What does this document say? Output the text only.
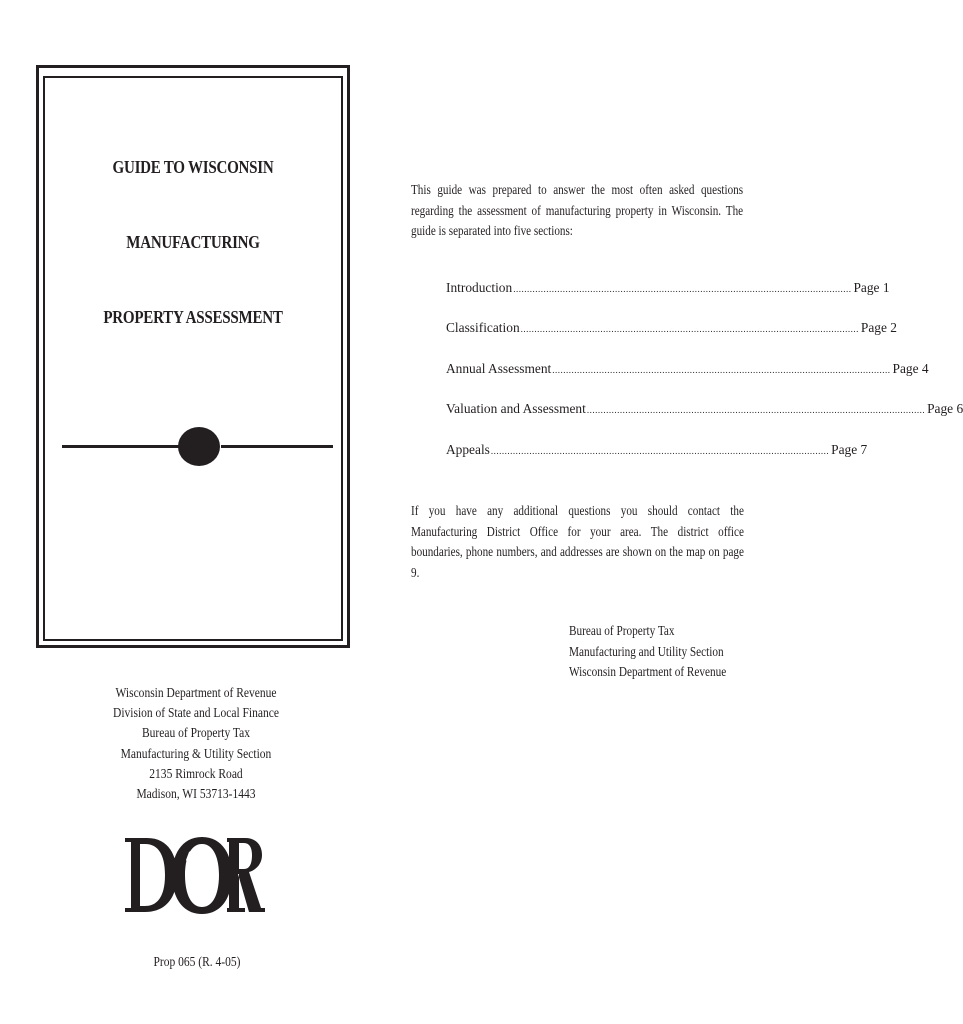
GUIDE TO WISCONSIN
MANUFACTURING
PROPERTY ASSESSMENT
This guide was prepared to answer the most often asked questions regarding the assessment of manufacturing property in Wisconsin. The guide is separated into five sections:
Introduction ........................................................................................................................... Page 1
Classification ........................................................................................................................... Page 2
Annual Assessment ........................................................................................................................... Page 4
Valuation and Assessment ........................................................................................................................... Page 6
Appeals ........................................................................................................................... Page 7
If you have any additional questions you should contact the Manufacturing District Office for your area. The district office boundaries, phone numbers, and addresses are shown on the map on page 9.
Bureau of Property Tax
Manufacturing and Utility Section
Wisconsin Department of Revenue
Wisconsin Department of Revenue
Division of State and Local Finance
Bureau of Property Tax
Manufacturing & Utility Section
2135 Rimrock Road
Madison, WI 53713-1443
Prop 065 (R. 4-05)
